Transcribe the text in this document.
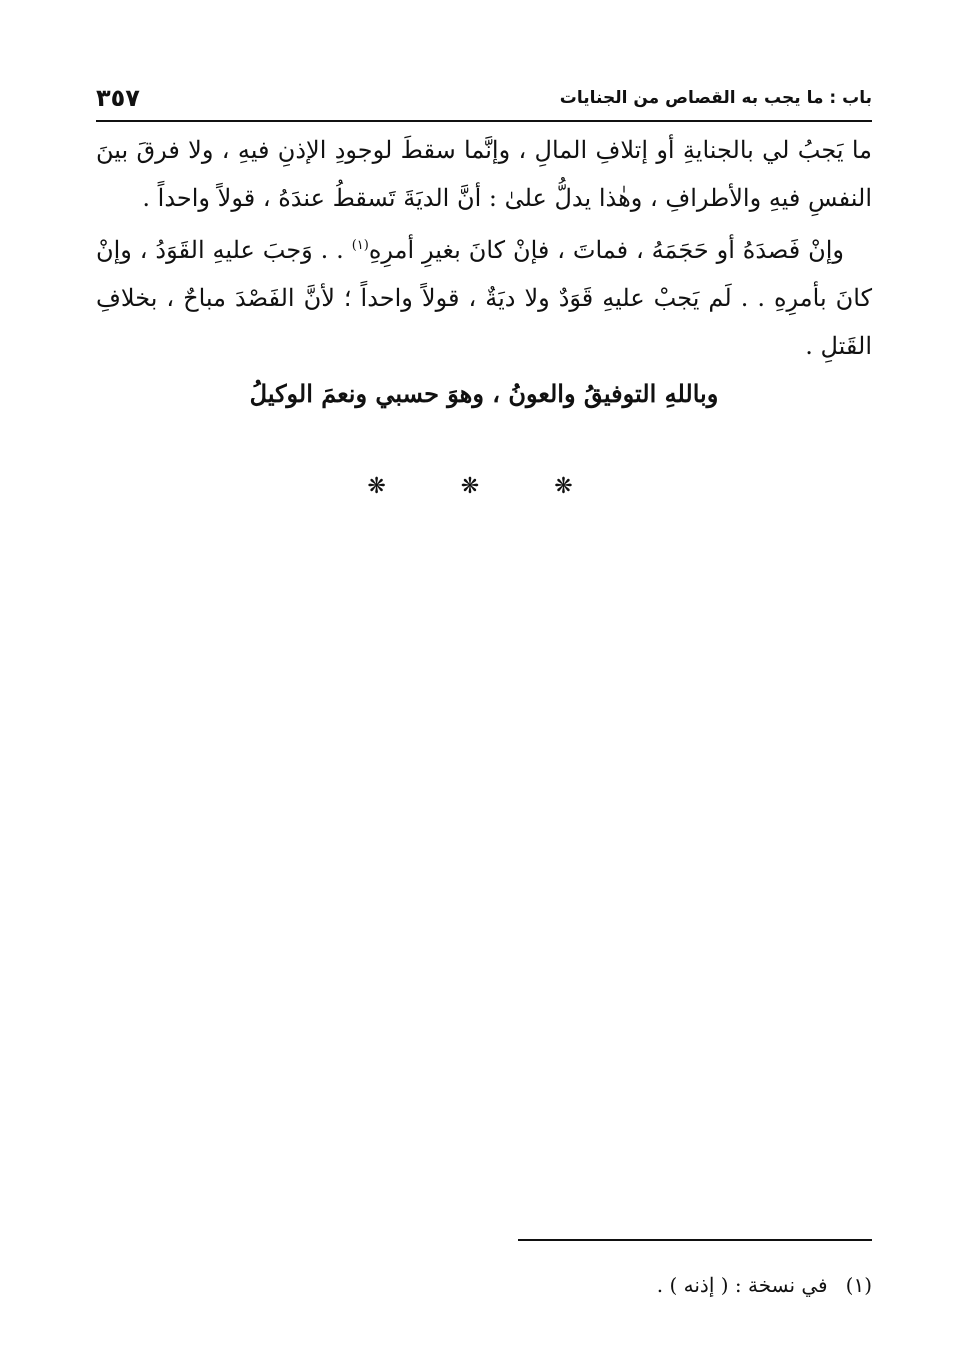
باب : ما يجب به القصاص من الجنايات
٣٥٧

ما يَجبُ لي بالجنايةِ أو إتلافِ المالِ ، وإنَّما سقطَ لوجودِ الإذنِ فيهِ ، ولا فرقَ بينَ النفسِ فيهِ والأطرافِ ، وهٰذا يدلُّ علىٰ : أنَّ الديَةَ تَسقطُ عندَهُ ، قولاً واحداً .

وإنْ فَصدَهُ أو حَجَمَهُ ، فماتَ ، فإنْ كانَ بغيرِ أمرِهِ$^{(١)}$ . . وَجبَ عليهِ القَوَدُ ، وإنْ كانَ بأمرِهِ . . لَم يَجبْ عليهِ قَوَدٌ ولا ديَةٌ ، قولاً واحداً ؛ لأنَّ الفَصْدَ مباحٌ ، بخلافِ القَتلِ .

وباللهِ التوفيقُ والعونُ ، وهوَ حسبي ونعمَ الوكيلُ
❋ ❋ ❋
(١)في نسخة : ( إذنه ) .
